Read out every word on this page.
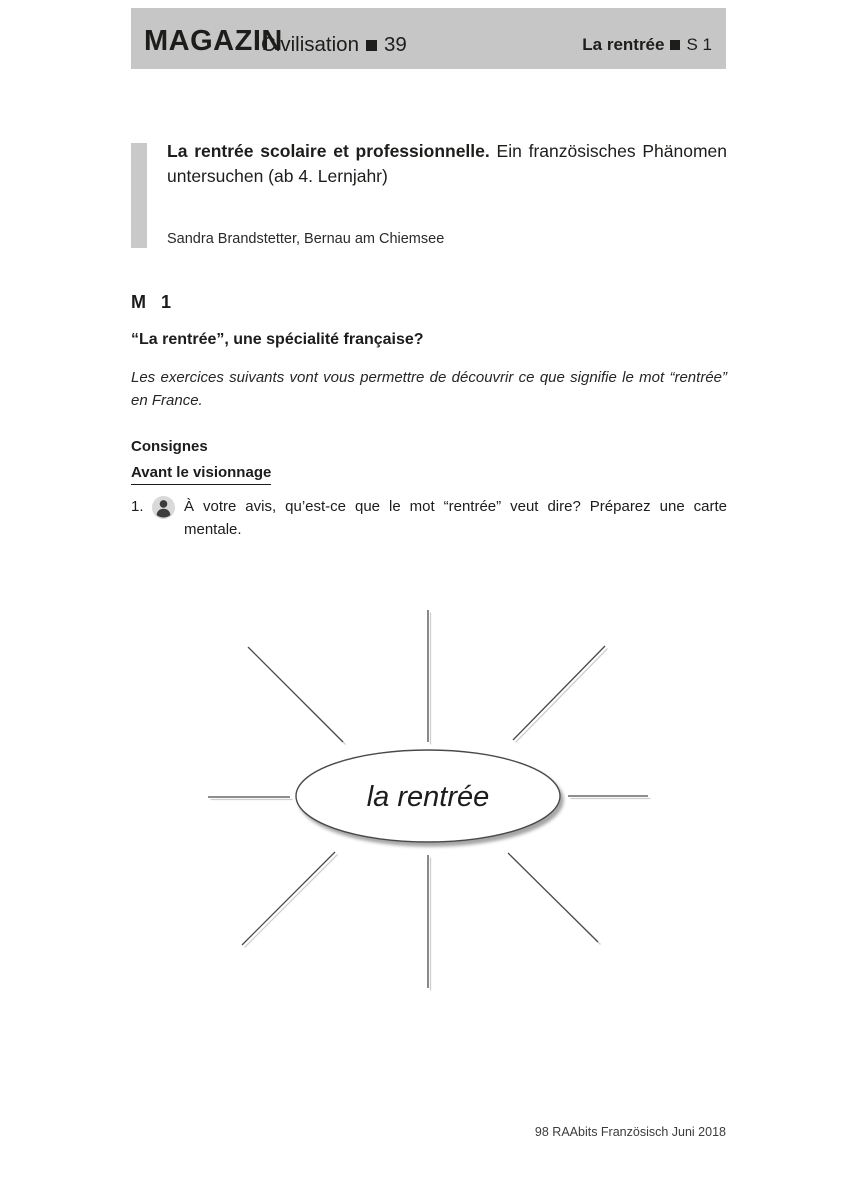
MAGAZIN
Civilisation 39	La rentrée S 1

La rentrée scolaire et professionnelle. Ein französisches Phänomen untersuchen (ab 4. Lernjahr)

Sandra Brandstetter, Bernau am Chiemsee

M 1
“La rentrée”, une spécialité française?

Les exercices suivants vont vous permettre de découvrir ce que signifie le mot “rentrée” en France.

Consignes

Avant le visionnage

1.	À votre avis, qu’est-ce que le mot “rentrée” veut dire? Préparez une carte mentale.

la rentrée

98 RAAbits Französisch Juni 2018
